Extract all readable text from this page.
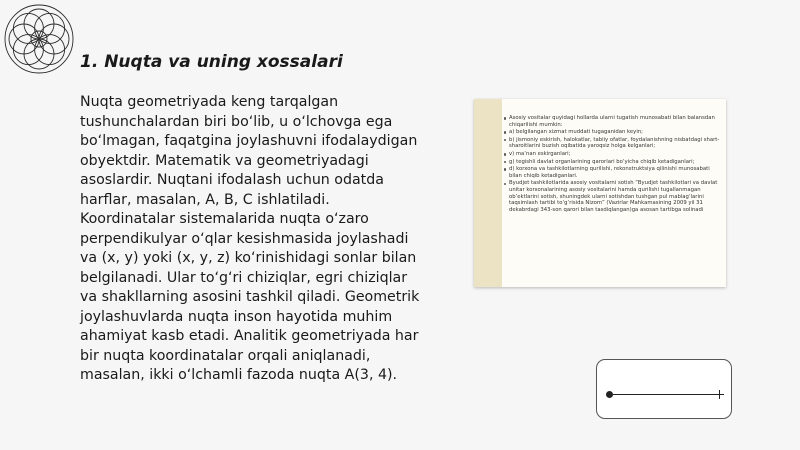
1. Nuqta va uning xossalari

Nuqta geometriyada keng tarqalgan tushunchalardan biri bo‘lib, u o‘lchovga ega bo‘lmagan, faqatgina joylashuvni ifodalaydigan obyektdir. Matematik va geometriyadagi asoslardir. Nuqtani ifodalash uchun odatda harflar, masalan, A, B, C ishlatiladi. Koordinatalar sistemalarida nuqta o‘zaro perpendikulyar o‘qlar kesishmasida joylashadi va (x, y) yoki (x, y, z) ko‘rinishidagi sonlar bilan belgilanadi. Ular to‘g‘ri chiziqlar, egri chiziqlar va shakllarning asosini tashkil qiladi. Geometrik joylashuvlarda nuqta inson hayotida muhim ahamiyat kasb etadi. Analitik geometriyada har bir nuqta koordinatalar orqali aniqlanadi, masalan, ikki o‘lchamli fazoda nuqta A(3, 4).

Asosiy vositalar quyidagi hollarda ularni tugatish munosabati bilan balansdan chiqarilishi mumkin:
a) belgilangan xizmat muddati tugaganidan keyin;
b) jismoniy eskirish, halokatlar, tabiiy ofatlar, foydalanishning nisbatdagi shart-sharoitlarini buzish oqibatida yaroqsiz holga kelganlari;
v) ma’nan eskirganlari;
g) tegishli davlat organlarining qarorlari bo‘yicha chiqib ketadiganlari;
d) korxona va tashkilotlarning qurilishi, rekonstruktsiya qilinishi munosabati bilan chiqib ketadiganlari.
Byudjet tashkilotlarida asosiy vositalarni sotish “Byudjet tashkilotlari va davlat unitar korxonalarining asosiy vositalarini hamda qurilishi tugallanmagan ob’ektlarini sotish, shuningdek ularni sotishdan tushgan pul mablag‘larini taqsimlash tartibi to‘g‘risida Nizom” (Vazirlar Mahkamasining 2009 yil 31 dekabrdagi 343-son qarori bilan tasdiqlangan)ga asosan tartibga solinadi
